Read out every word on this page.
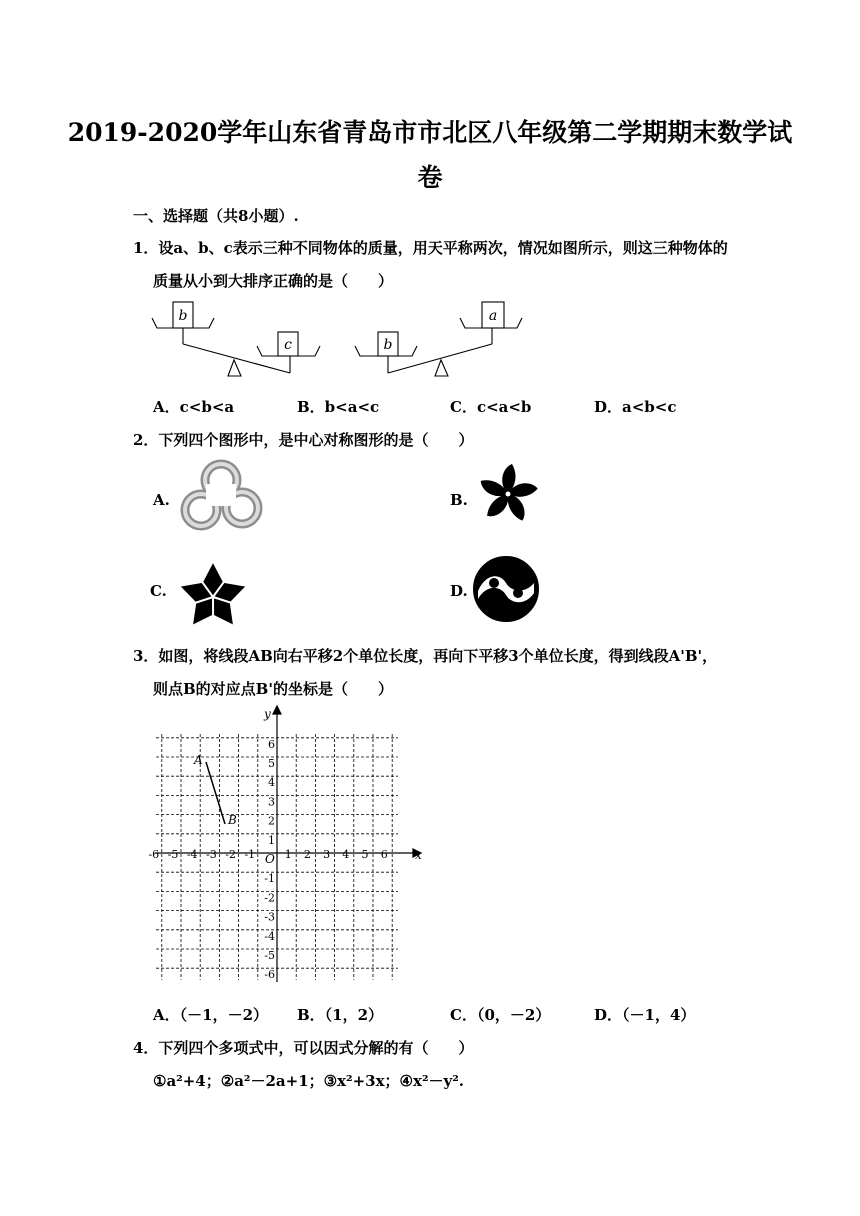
2019-2020学年山东省青岛市市北区八年级第二学期期末数学试
卷
一、选择题（共8小题）.
1．设a、b、c表示三种不同物体的质量，用天平称两次，情况如图所示，则这三种物体的
质量从小到大排序正确的是（　　）
b
c	b
a
A．c<b<a	B．b<a<c	C．c<a<b	D．a<b<c
2．下列四个图形中，是中心对称图形的是（　　）
A.	B.
C.	D.
3．如图，将线段AB向右平移2个单位长度，再向下平移3个单位长度，得到线段A'B'，
则点B的对应点B'的坐标是（　　）
x
y
O
A
B
-6 -5 -4 -3 -2 -1	1 2 3 4 5 6
6
5
4
3
2
1
-1
-2
-3
-4
-5
-6
A．（－1，－2） B．（1，2）	C．（0，－2）	D．（－1，4）
4．下列四个多项式中，可以因式分解的有（　　）
①a²+4；②a²－2a+1；③x²+3x；④x²－y².
